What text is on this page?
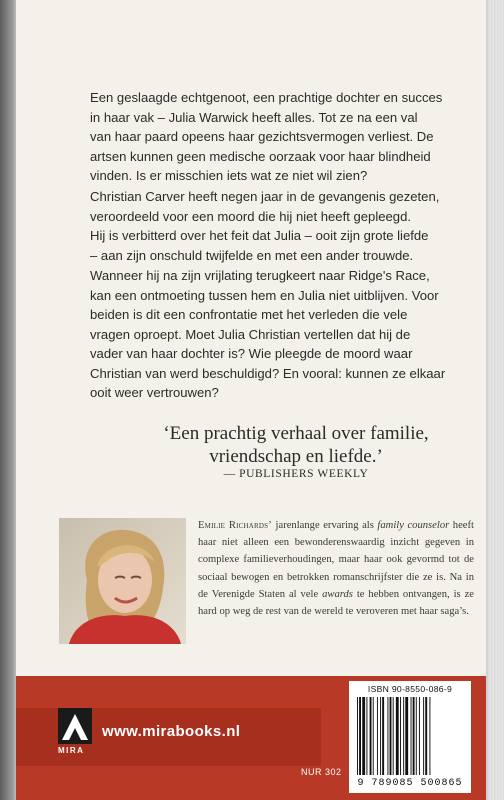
Een geslaagde echtgenoot, een prachtige dochter en succes
in haar vak – Julia Warwick heeft alles. Tot ze na een val
van haar paard opeens haar gezichtsvermogen verliest. De
artsen kunnen geen medische oorzaak voor haar blindheid
vinden. Is er misschien iets wat ze niet wil zien?

Christian Carver heeft negen jaar in de gevangenis gezeten,
veroordeeld voor een moord die hij niet heeft gepleegd.
Hij is verbitterd over het feit dat Julia – ooit zijn grote liefde
– aan zijn onschuld twijfelde en met een ander trouwde.

Wanneer hij na zijn vrijlating terugkeert naar Ridge's Race,
kan een ontmoeting tussen hem en Julia niet uitblijven. Voor
beiden is dit een confrontatie met het verleden die vele
vragen oproept. Moet Julia Christian vertellen dat hij de
vader van haar dochter is? Wie pleegde de moord waar
Christian van werd beschuldigd? En vooral: kunnen ze elkaar
ooit weer vertrouwen?

‘Een prachtig verhaal over familie,
vriendschap en liefde.’
— PUBLISHERS WEEKLY
Emilie Richards’ jarenlange ervaring als family counselor heeft haar niet alleen een bewonderenswaardig inzicht gegeven in complexe familieverhoudingen, maar haar ook gevormd tot de sociaal bewogen en betrokken romanschrijfster die ze is. Na in de Verenigde Staten al vele awards te hebben ontvangen, is ze hard op weg de rest van de wereld te veroveren met haar saga’s.
MIRA
www.mirabooks.nl
NUR 302
ISBN 90-8550-086-9
9 789085 500865
